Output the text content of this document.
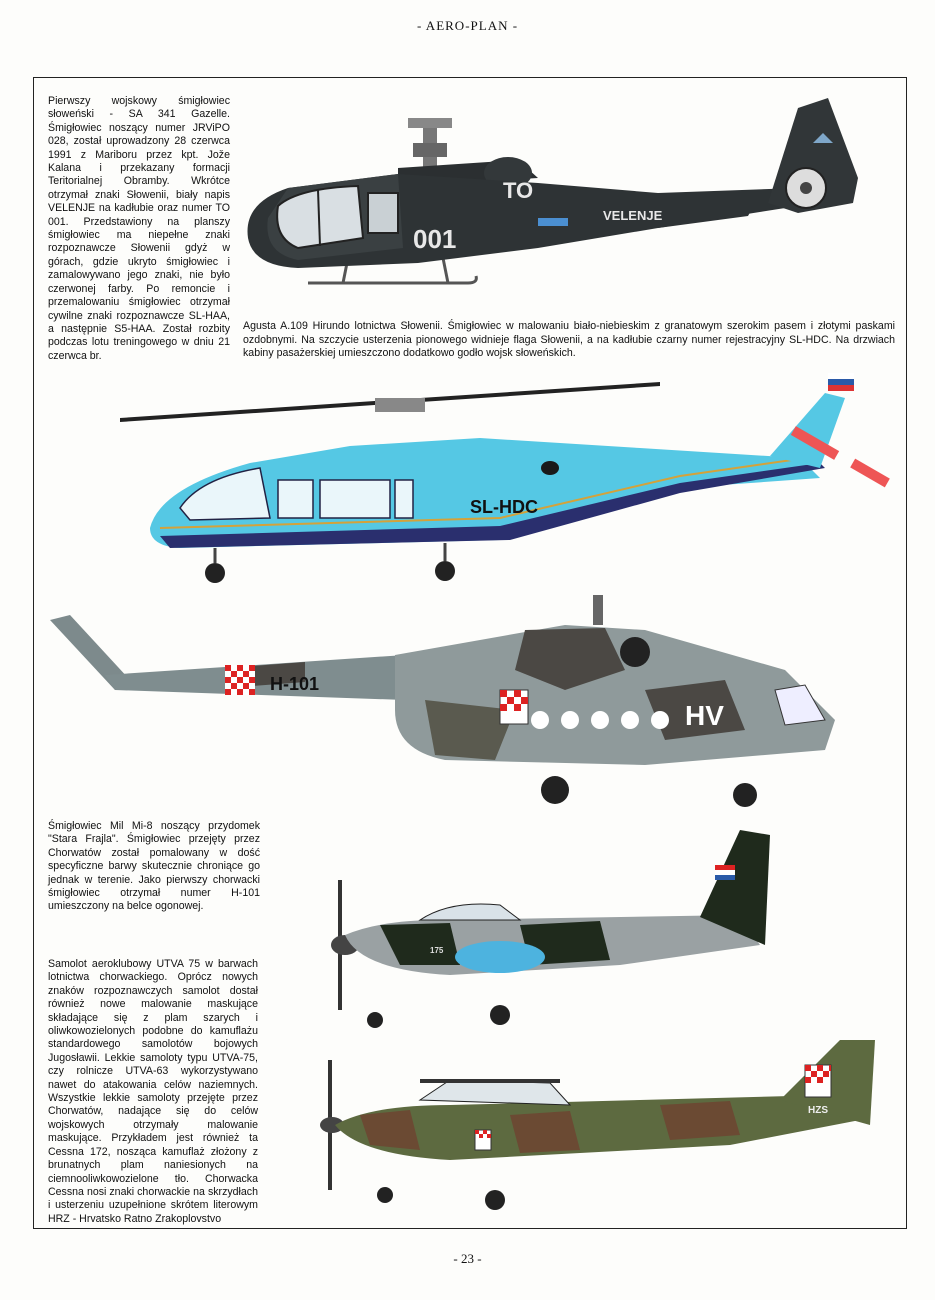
- AERO-PLAN -
Pierwszy wojskowy śmigłowiec słoweński - SA 341 Gazelle. Śmigłowiec noszący numer JRViPO 028, został uprowadzony 28 czerwca 1991 z Mariboru przez kpt. Jože Kalana i przekazany formacji Teritorialnej Obramby. Wkrótce otrzymał znaki Słowenii, biały napis VELENJE na kadłubie oraz numer TO 001. Przedstawiony na planszy śmigłowiec ma niepełne znaki rozpoznawcze Słowenii gdyż w górach, gdzie ukryto śmigłowiec i zamalowywano jego znaki, nie było czerwonej farby. Po remoncie i przemalowaniu śmigłowiec otrzymał cywilne znaki rozpoznawcze SL-HAA, a następnie S5-HAA. Został rozbity podczas lotu treningowego w dniu 21 czerwca br.
Agusta A.109 Hirundo lotnictwa Słowenii. Śmigłowiec w malowaniu biało-niebieskim z granatowym szerokim pasem i złotymi paskami ozdobnymi. Na szczycie usterzenia pionowego widnieje flaga Słowenii, a na kadłubie czarny numer rejestracyjny SL-HDC. Na drzwiach kabiny pasażerskiej umieszczono dodatkowo godło wojsk słoweńskich.
Śmigłowiec Mil Mi-8 noszący przydomek "Stara Frajla". Śmigłowiec przejęty przez Chorwatów został pomalowany w dość specyficzne barwy skutecznie chroniące go jednak w terenie. Jako pierwszy chorwacki śmigłowiec otrzymał numer H-101 umieszczony na belce ogonowej.
Samolot aeroklubowy UTVA 75 w barwach lotnictwa chorwackiego. Oprócz nowych znaków rozpoznawczych samolot dostał również nowe malowanie maskujące składające się z plam szarych i oliwkowozielonych podobne do kamuflażu standardowego samolotów bojowych Jugosławii. Lekkie samoloty typu UTVA-75, czy rolnicze UTVA-63 wykorzystywano nawet do atakowania celów naziemnych. Wszystkie lekkie samoloty przejęte przez Chorwatów, nadające się do celów wojskowych otrzymały malowanie maskujące. Przykładem jest również ta Cessna 172, nosząca kamuflaż złożony z brunatnych plam naniesionych na ciemnooliwkowozielone tło. Chorwacka Cessna nosi znaki chorwackie na skrzydłach i usterzeniu uzupełnione skrótem literowym HRZ - Hrvatsko Ratno Zrakoplovstvo
001
TO
VELENJE
SL-HDC
H-101
HV
175
HZS
- 23 -
